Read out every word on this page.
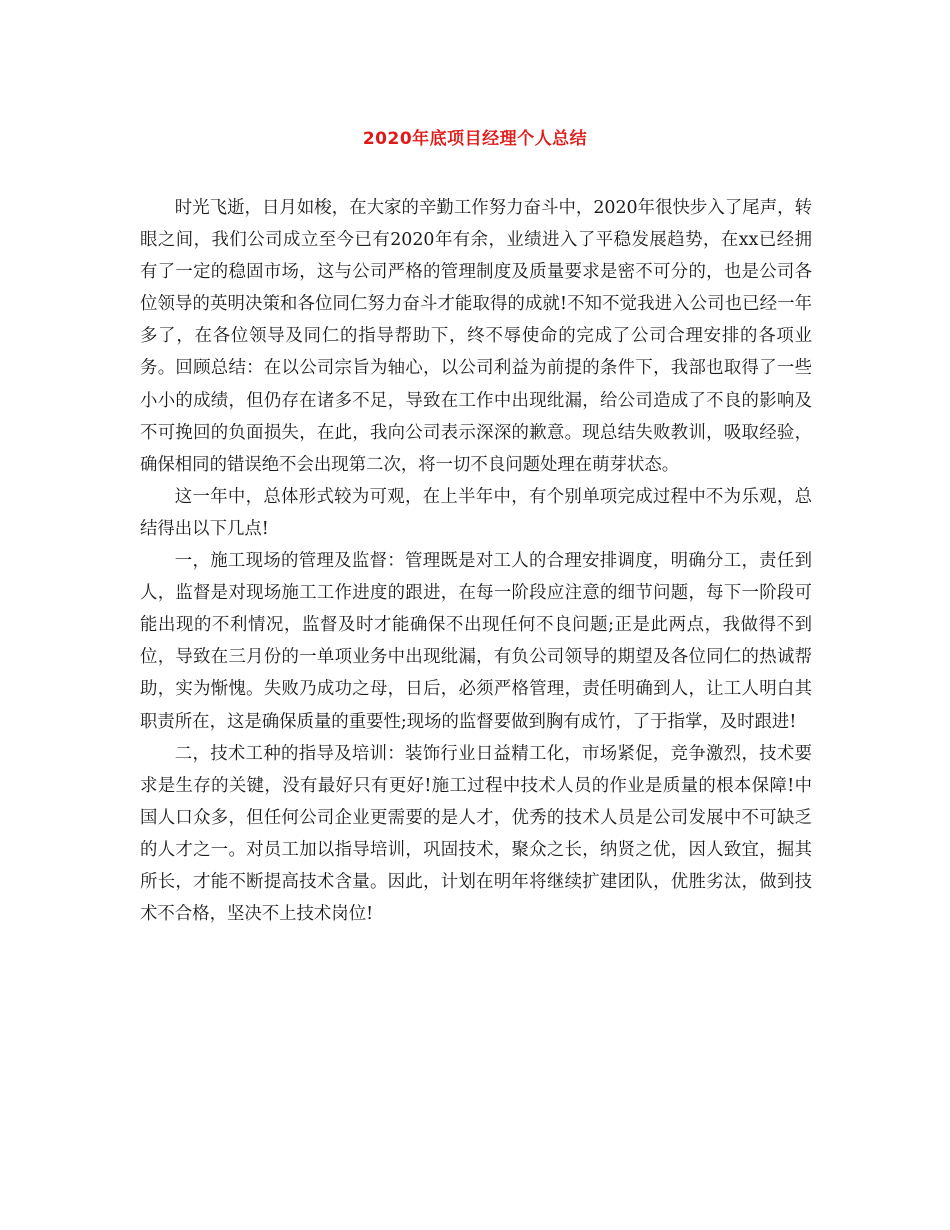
2020年底项目经理个人总结

时光飞逝，日月如梭，在大家的辛勤工作努力奋斗中，2020年很快步入了尾声，转眼之间，我们公司成立至今已有2020年有余，业绩进入了平稳发展趋势，在xx已经拥有了一定的稳固市场，这与公司严格的管理制度及质量要求是密不可分的，也是公司各位领导的英明决策和各位同仁努力奋斗才能取得的成就!不知不觉我进入公司也已经一年多了，在各位领导及同仁的指导帮助下，终不辱使命的完成了公司合理安排的各项业务。回顾总结：在以公司宗旨为轴心，以公司利益为前提的条件下，我部也取得了一些小小的成绩，但仍存在诸多不足，导致在工作中出现纰漏，给公司造成了不良的影响及不可挽回的负面损失，在此，我向公司表示深深的歉意。现总结失败教训，吸取经验，确保相同的错误绝不会出现第二次，将一切不良问题处理在萌芽状态。

这一年中，总体形式较为可观，在上半年中，有个别单项完成过程中不为乐观，总结得出以下几点!

一，施工现场的管理及监督：管理既是对工人的合理安排调度，明确分工，责任到人，监督是对现场施工工作进度的跟进，在每一阶段应注意的细节问题，每下一阶段可能出现的不利情况，监督及时才能确保不出现任何不良问题;正是此两点，我做得不到位，导致在三月份的一单项业务中出现纰漏，有负公司领导的期望及各位同仁的热诚帮助，实为惭愧。失败乃成功之母，日后，必须严格管理，责任明确到人，让工人明白其职责所在，这是确保质量的重要性;现场的监督要做到胸有成竹，了于指掌，及时跟进!

二，技术工种的指导及培训：装饰行业日益精工化，市场紧促，竞争激烈，技术要求是生存的关键，没有最好只有更好!施工过程中技术人员的作业是质量的根本保障!中国人口众多，但任何公司企业更需要的是人才，优秀的技术人员是公司发展中不可缺乏的人才之一。对员工加以指导培训，巩固技术，聚众之长，纳贤之优，因人致宜，掘其所长，才能不断提高技术含量。因此，计划在明年将继续扩建团队，优胜劣汰，做到技术不合格，坚决不上技术岗位!
